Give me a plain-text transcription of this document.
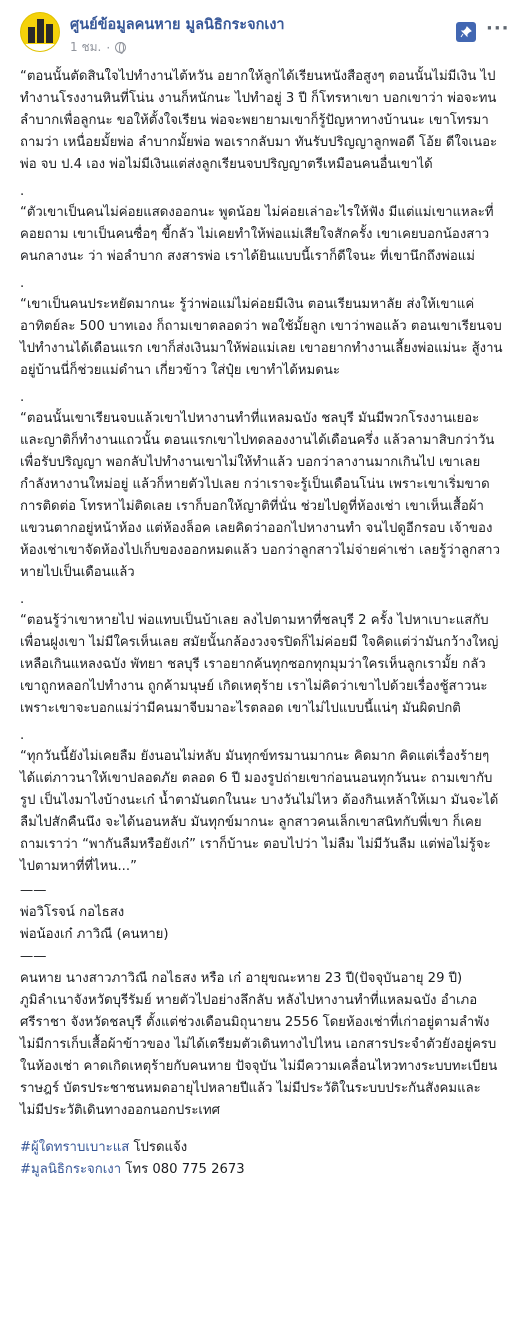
ศูนย์ข้อมูลคนหาย มูลนิธิกระจกเงา
1 ชม. ·
···

“ตอนนั้นตัดสินใจไปทำงานไต้หวัน อยากให้ลูกได้เรียนหนังสือสูงๆ ตอนนั้นไม่มีเงิน ไปทำงานโรงงานหินที่โน่น งานก็หนักนะ ไปทำอยู่ 3 ปี ก็โทรหาเขา บอกเขาว่า พ่อจะทนลำบากเพื่อลูกนะ ขอให้ตั้งใจเรียน พ่อจะพยายามเขาก็รู้ปัญหาทางบ้านนะ เขาโทรมาถามว่า เหนื่อยมั้ยพ่อ ลำบากมั้ยพ่อ พอเรากลับมา ทันรับปริญญาลูกพอดี โอ้ย ดีใจเนอะ พ่อ จบ ป.4 เอง พ่อไม่มีเงินแต่ส่งลูกเรียนจบปริญญาตรีเหมือนคนอื่นเขาได้

.

“ตัวเขาเป็นคนไม่ค่อยแสดงออกนะ พูดน้อย ไม่ค่อยเล่าอะไรให้ฟัง มีแต่แม่เขาแหละที่คอยถาม เขาเป็นคนซื่อๆ ขี้กลัว ไม่เคยทำให้พ่อแม่เสียใจสักครั้ง เขาเคยบอกน้องสาวคนกลางนะ ว่า พ่อลำบาก สงสารพ่อ เราได้ยินแบบนี้เราก็ดีใจนะ ที่เขานึกถึงพ่อแม่

.

“เขาเป็นคนประหยัดมากนะ รู้ว่าพ่อแม่ไม่ค่อยมีเงิน ตอนเรียนมหาลัย ส่งให้เขาแค่อาทิตย์ละ 500 บาทเอง ก็ถามเขาตลอดว่า พอใช้มั้ยลูก เขาว่าพอแล้ว ตอนเขาเรียนจบไปทำงานได้เดือนแรก เขาก็ส่งเงินมาให้พ่อแม่เลย เขาอยากทำงานเลี้ยงพ่อแม่นะ สู้งาน อยู่บ้านนี่ก็ช่วยแม่ดำนา เกี่ยวข้าว ใส่ปุ๋ย เขาทำได้หมดนะ

.

“ตอนนั้นเขาเรียนจบแล้วเขาไปหางานทำที่แหลมฉบัง ชลบุรี มันมีพวกโรงงานเยอะ และญาติก็ทำงานแถวนั้น ตอนแรกเขาไปทดลองงานได้เดือนครึ่ง แล้วลามาสิบกว่าวันเพื่อรับปริญญา พอกลับไปทำงานเขาไม่ให้ทำแล้ว บอกว่าลางานมากเกินไป เขาเลยกำลังหางานใหม่อยู่ แล้วก็หายตัวไปเลย กว่าเราจะรู้เป็นเดือนโน่น เพราะเขาเริ่มขาดการติดต่อ โทรหาไม่ติดเลย เราก็บอกให้ญาติที่นั่น ช่วยไปดูที่ห้องเช่า เขาเห็นเสื้อผ้าแขวนตากอยู่หน้าห้อง แต่ห้องล็อค เลยคิดว่าออกไปหางานทำ จนไปดูอีกรอบ เจ้าของห้องเช่าเขาจัดห้องไปเก็บของออกหมดแล้ว บอกว่าลูกสาวไม่จ่ายค่าเช่า เลยรู้ว่าลูกสาวหายไปเป็นเดือนแล้ว

.

“ตอนรู้ว่าเขาหายไป พ่อแทบเป็นบ้าเลย ลงไปตามหาที่ชลบุรี 2 ครั้ง ไปหาเบาะแสกับเพื่อนฝูงเขา ไม่มีใครเห็นเลย สมัยนั้นกล้องวงจรปิดก็ไม่ค่อยมี ใจคิดแต่ว่ามันกว้างใหญ่เหลือเกินแหลงฉบัง พัทยา ชลบุรี เราอยากค้นทุกซอกทุกมุมว่าใครเห็นลูกเรามั้ย กลัวเขาถูกหลอกไปทำงาน ถูกค้ามนุษย์ เกิดเหตุร้าย เราไม่คิดว่าเขาไปด้วยเรื่องชู้สาวนะ เพราะเขาจะบอกแม่ว่ามีคนมาจีบมาอะไรตลอด เขาไม่ไปแบบนี้แน่ๆ มันผิดปกติ

.

“ทุกวันนี้ยังไม่เคยลืม ยังนอนไม่หลับ มันทุกข์ทรมานมากนะ คิดมาก คิดแต่เรื่องร้ายๆ ได้แต่ภาวนาให้เขาปลอดภัย ตลอด 6 ปี มองรูปถ่ายเขาก่อนนอนทุกวันนะ ถามเขากับรูป เป็นไงมาไงบ้างนะเก๋ น้ำตามันตกในนะ บางวันไม่ไหว ต้องกินเหล้าให้เมา มันจะได้ลืมไปสักคืนนึง จะได้นอนหลับ มันทุกข์มากนะ ลูกสาวคนเล็กเขาสนิทกับพี่เขา ก็เคยถามเราว่า “พากันลืมหรือยังเก๋” เราก็บ้านะ ตอบไปว่า ไม่ลืม ไม่มีวันลืม แต่พ่อไม่รู้จะไปตามหาที่ที่ไหน...”

——

พ่อวิโรจน์ กอไธสง

พ่อน้องเก๋ ภาวิณี (คนหาย)

——

คนหาย นางสาวภาวิณี กอไธสง หรือ เก๋ อายุขณะหาย 23 ปี(ปัจจุบันอายุ 29 ปี) ภูมิลำเนาจังหวัดบุรีรัมย์ หายตัวไปอย่างลึกลับ หลังไปหางานทำที่แหลมฉบัง อำเภอศรีราชา จังหวัดชลบุรี ตั้งแต่ช่วงเดือนมิถุนายน 2556 โดยห้องเช่าที่เก่าอยู่ตามลำพัง ไม่มีการเก็บเสื้อผ้าข้าวของ ไม่ได้เตรียมตัวเดินทางไปไหน เอกสารประจำตัวยังอยู่ครบในห้องเช่า คาดเกิดเหตุร้ายกับคนหาย ปัจจุบัน ไม่มีความเคลื่อนไหวทางระบบทะเบียนราษฎร์ บัตรประชาชนหมดอายุไปหลายปีแล้ว ไม่มีประวัติในระบบประกันสังคมและไม่มีประวัติเดินทางออกนอกประเทศ

#ผู้ใดทราบเบาะแส โปรดแจ้ง

#มูลนิธิกระจกเงา โทร 080 775 2673
